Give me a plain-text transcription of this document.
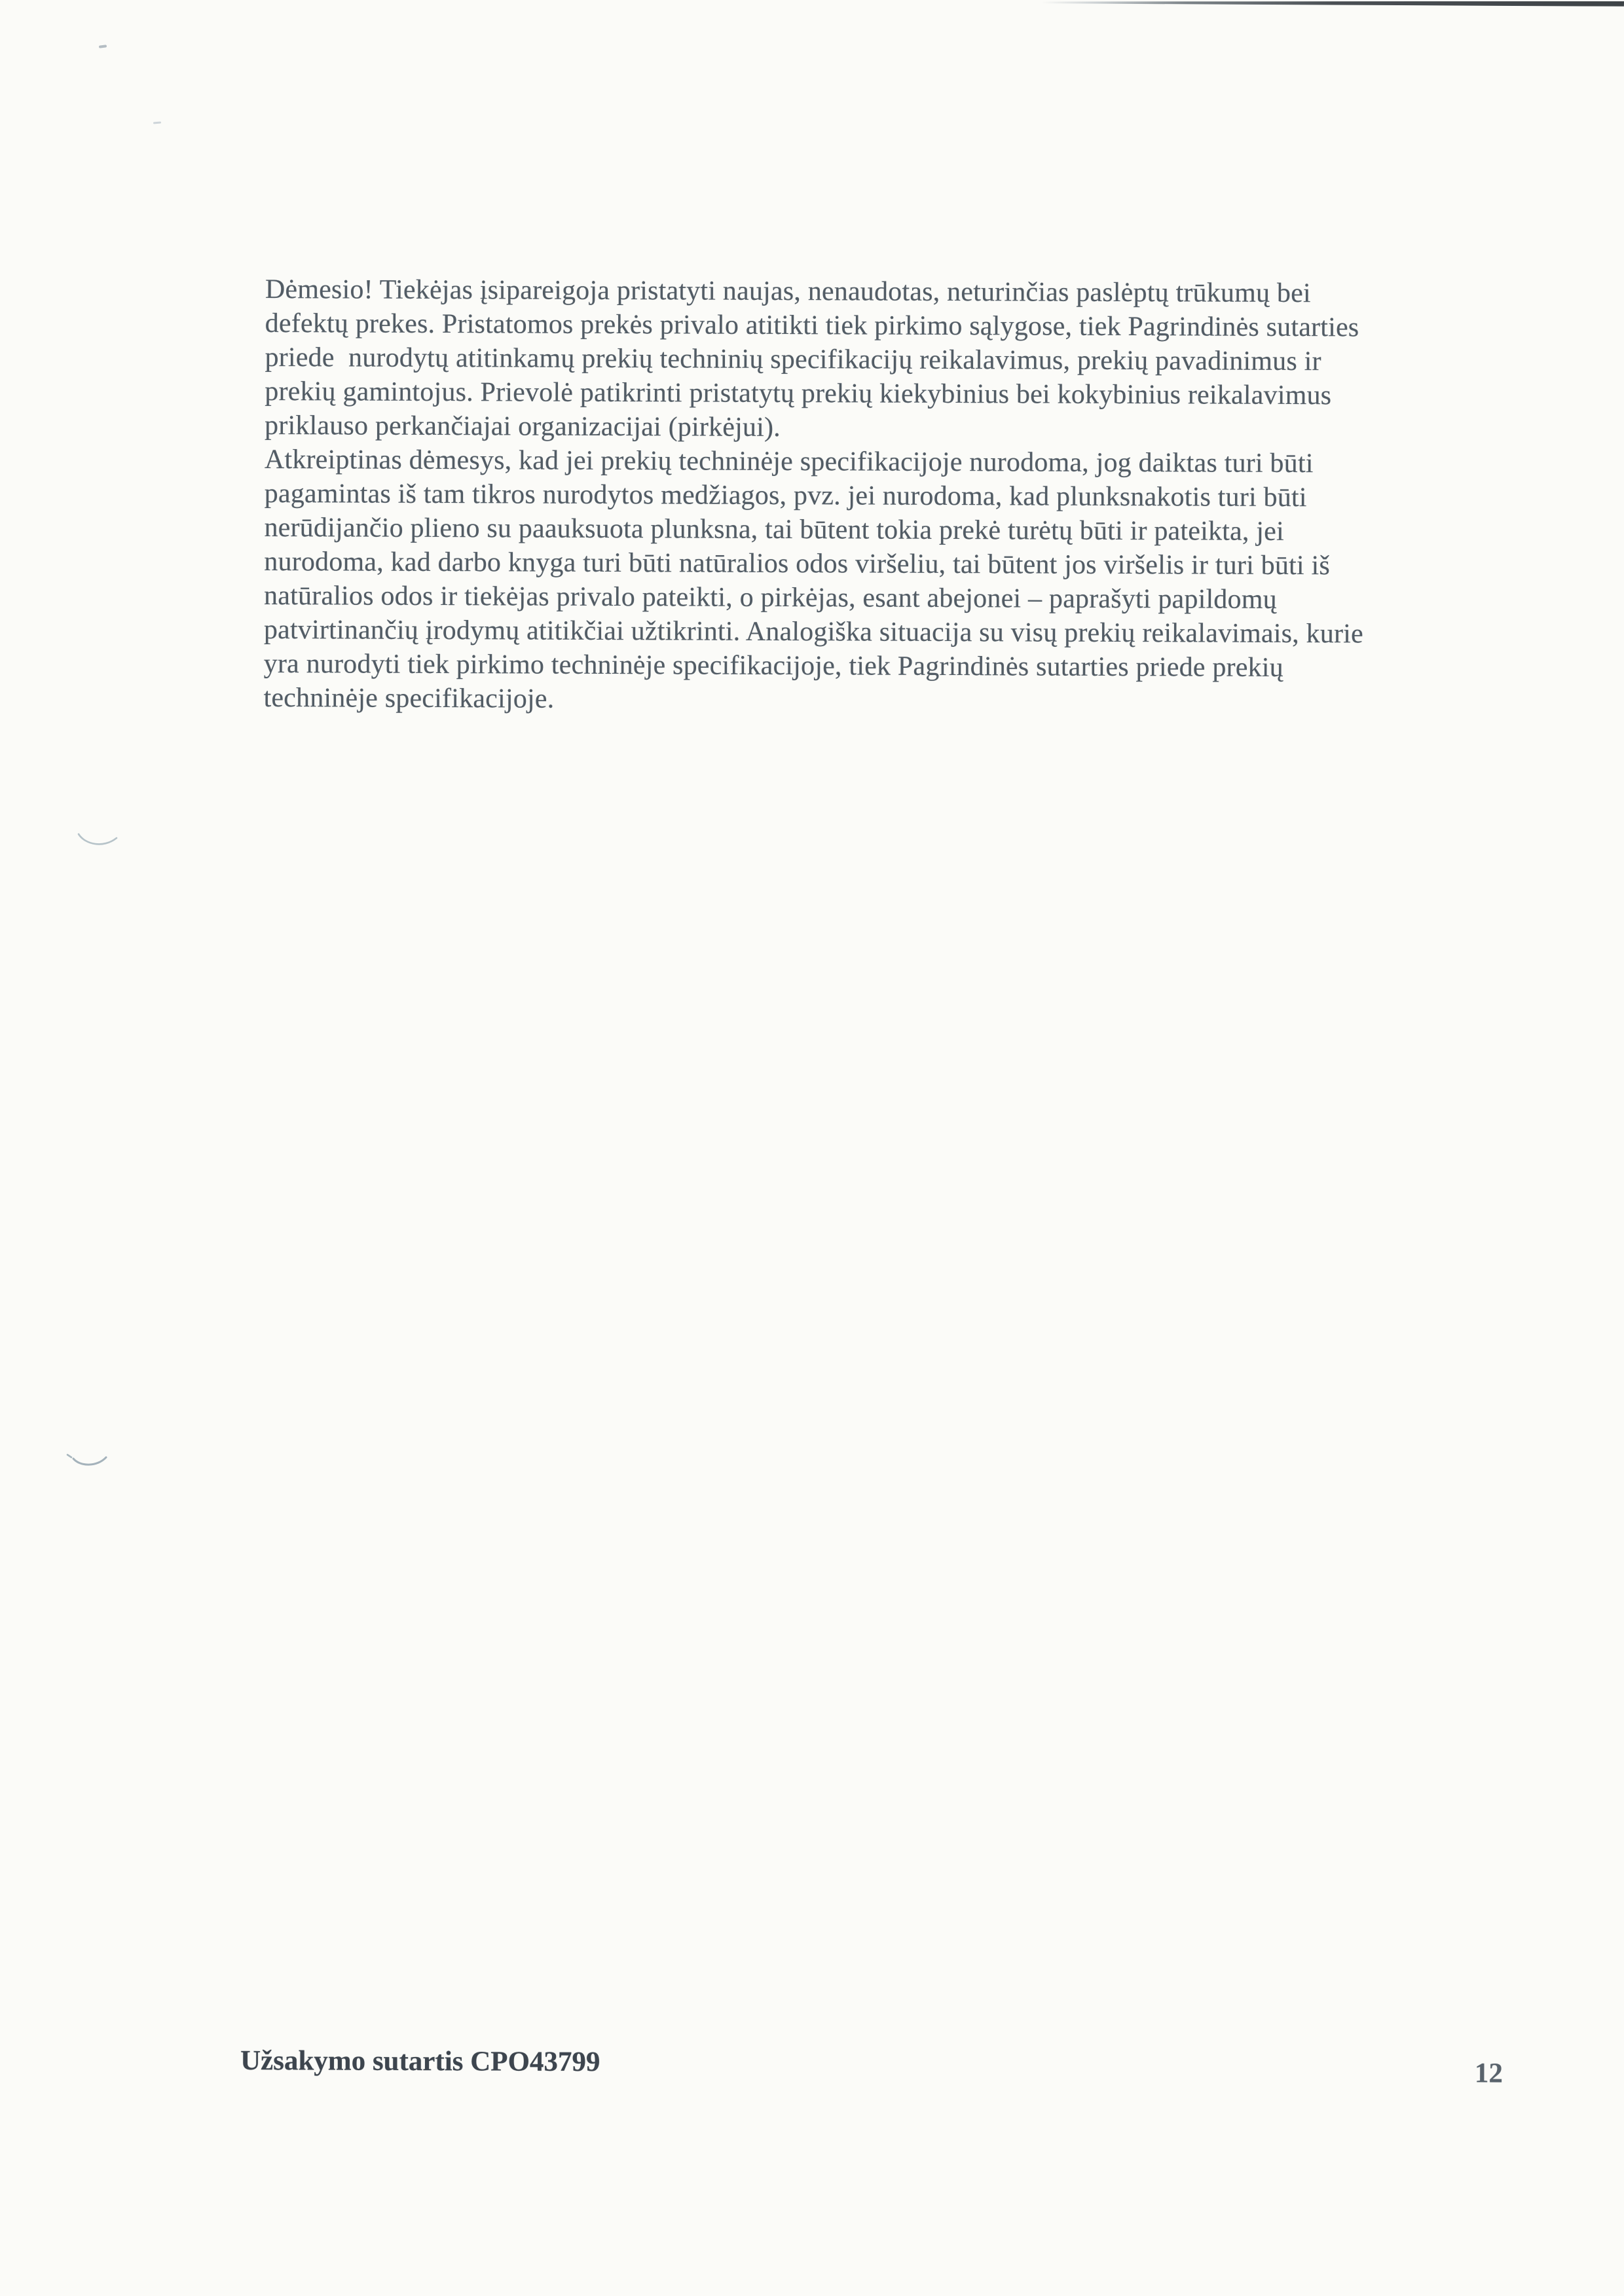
Dėmesio! Tiekėjas įsipareigoja pristatyti naujas, nenaudotas, neturinčias paslėptų trūkumų bei
defektų prekes. Pristatomos prekės privalo atitikti tiek pirkimo sąlygose, tiek Pagrindinės sutarties
priede  nurodytų atitinkamų prekių techninių specifikacijų reikalavimus, prekių pavadinimus ir
prekių gamintojus. Prievolė patikrinti pristatytų prekių kiekybinius bei kokybinius reikalavimus
priklauso perkančiajai organizacijai (pirkėjui).

Atkreiptinas dėmesys, kad jei prekių techninėje specifikacijoje nurodoma, jog daiktas turi būti
pagamintas iš tam tikros nurodytos medžiagos, pvz. jei nurodoma, kad plunksnakotis turi būti
nerūdijančio plieno su paauksuota plunksna, tai būtent tokia prekė turėtų būti ir pateikta, jei
nurodoma, kad darbo knyga turi būti natūralios odos viršeliu, tai būtent jos viršelis ir turi būti iš
natūralios odos ir tiekėjas privalo pateikti, o pirkėjas, esant abejonei – paprašyti papildomų
patvirtinančių įrodymų atitikčiai užtikrinti. Analogiška situacija su visų prekių reikalavimais, kurie
yra nurodyti tiek pirkimo techninėje specifikacijoje, tiek Pagrindinės sutarties priede prekių
techninėje specifikacijoje.

Užsakymo sutartis CPO43799	12
